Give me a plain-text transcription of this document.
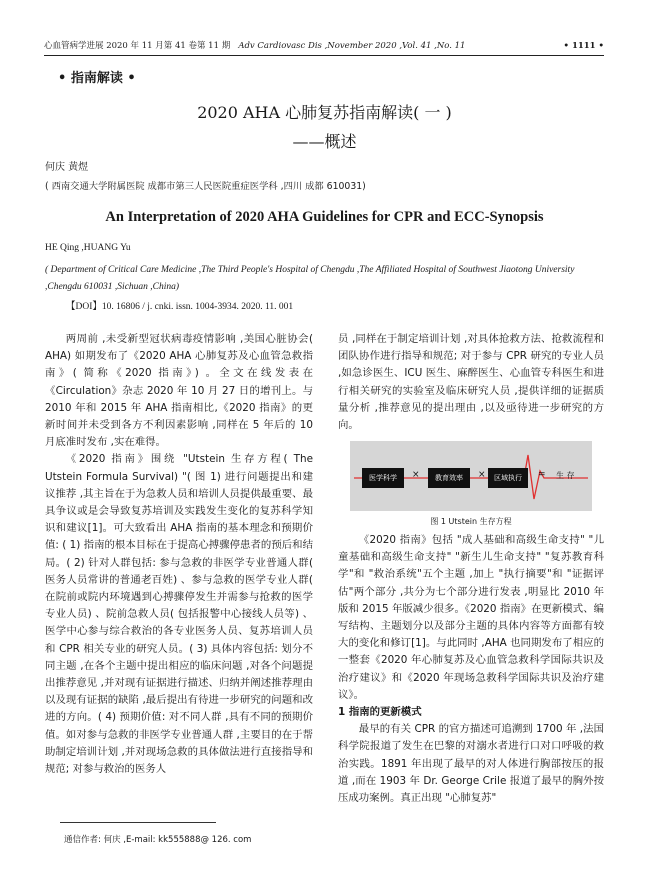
心血管病学进展 2020 年 11 月第 41 卷第 11 期 Adv Cardiovasc Dis ,November 2020 ,Vol. 41 ,No. 11	• 1111 •
• 指南解读 •
2020 AHA 心肺复苏指南解读( 一 )
——概述
何庆 黄煜
( 西南交通大学附属医院 成都市第三人民医院重症医学科 ,四川 成都 610031)
An Interpretation of 2020 AHA Guidelines for CPR and ECC-Synopsis
HE Qing ,HUANG Yu
( Department of Critical Care Medicine ,The Third People's Hospital of Chengdu ,The Affiliated Hospital of Southwest Jiaotong University ,Chengdu 610031 ,Sichuan ,China)
【DOI】10. 16806 / j. cnki. issn. 1004-3934. 2020. 11. 001

两周前 ,未受新型冠状病毒疫情影响 ,美国心脏协会( AHA) 如期发布了《2020 AHA 心肺复苏及心血管急救指南》( 简称《2020 指南》) 。全文在线发表在《Circulation》杂志 2020 年 10 月 27 日的增刊上。与 2010 年和 2015 年 AHA 指南相比,《2020 指南》的更新时间并未受到各方不利因素影响 ,同样在 5 年后的 10 月底准时发布 ,实在难得。

《2020 指南》围绕 "Utstein 生存方程( The Utstein Formula Survival) "( 图 1) 进行问题提出和建议推荐 ,其主旨在于为急救人员和培训人员提供最重要、最具争议或是会导致复苏培训及实践发生变化的复苏科学知识和建议[1]。可大致看出 AHA 指南的基本理念和预期价值: ( 1) 指南的根本目标在于提高心搏骤停患者的预后和结局。( 2) 针对人群包括: 参与急救的非医学专业普通人群( 医务人员常讲的普通老百姓) 、参与急救的医学专业人群( 在院前或院内环境遇到心搏骤停发生并需参与抢救的医学专业人员) 、院前急救人员( 包括报警中心接线人员等) 、医学中心参与综合救治的各专业医务人员、复苏培训人员和 CPR 相关专业的研究人员。( 3) 具体内容包括: 划分不同主题 ,在各个主题中提出相应的临床问题 ,对各个问题提出推荐意见 ,并对现有证据进行描述、归纳并阐述推荐理由以及现有证据的缺陷 ,最后提出有待进一步研究的问题和改进的方向。( 4) 预期价值: 对不同人群 ,具有不同的预期价值。如对参与急救的非医学专业普通人群 ,主要目的在于帮助制定培训计划 ,并对现场急救的具体做法进行直接指导和规范; 对参与救治的医务人

员 ,同样在于制定培训计划 ,对具体抢救方法、抢救流程和团队协作进行指导和规范; 对于参与 CPR 研究的专业人员 ,如急诊医生、ICU 医生、麻醉医生、心血管专科医生和进行相关研究的实验室及临床研究人员 ,提供详细的证据质量分析 ,推荐意见的提出理由 ,以及亟待进一步研究的方向。

医学科学	×	教育效率	×	区域执行	= 生 存
图 1 Utstein 生存方程

《2020 指南》包括 "成人基础和高级生命支持" "儿童基础和高级生命支持" "新生儿生命支持" "复苏教育科学"和 "救治系统"五个主题 ,加上 "执行摘要"和 "证据评估"两个部分 ,共分为七个部分进行发表 ,明显比 2010 年版和 2015 年版减少很多。《2020 指南》在更新模式、编写结构、主题划分以及部分主题的具体内容等方面都有较大的变化和修订[1]。与此同时 ,AHA 也同期发布了相应的一整套《2020 年心肺复苏及心血管急救科学国际共识及治疗建议》和《2020 年现场急救科学国际共识及治疗建议》。

1 指南的更新模式

最早的有关 CPR 的官方描述可追溯到 1700 年 ,法国科学院报道了发生在巴黎的对溺水者进行口对口呼吸的救治实践。1891 年出现了最早的对人体进行胸部按压的报道 ,而在 1903 年 Dr. George Crile 报道了最早的胸外按压成功案例。真正出现 "心肺复苏"

通信作者: 何庆 ,E-mail: kk555888@ 126. com
